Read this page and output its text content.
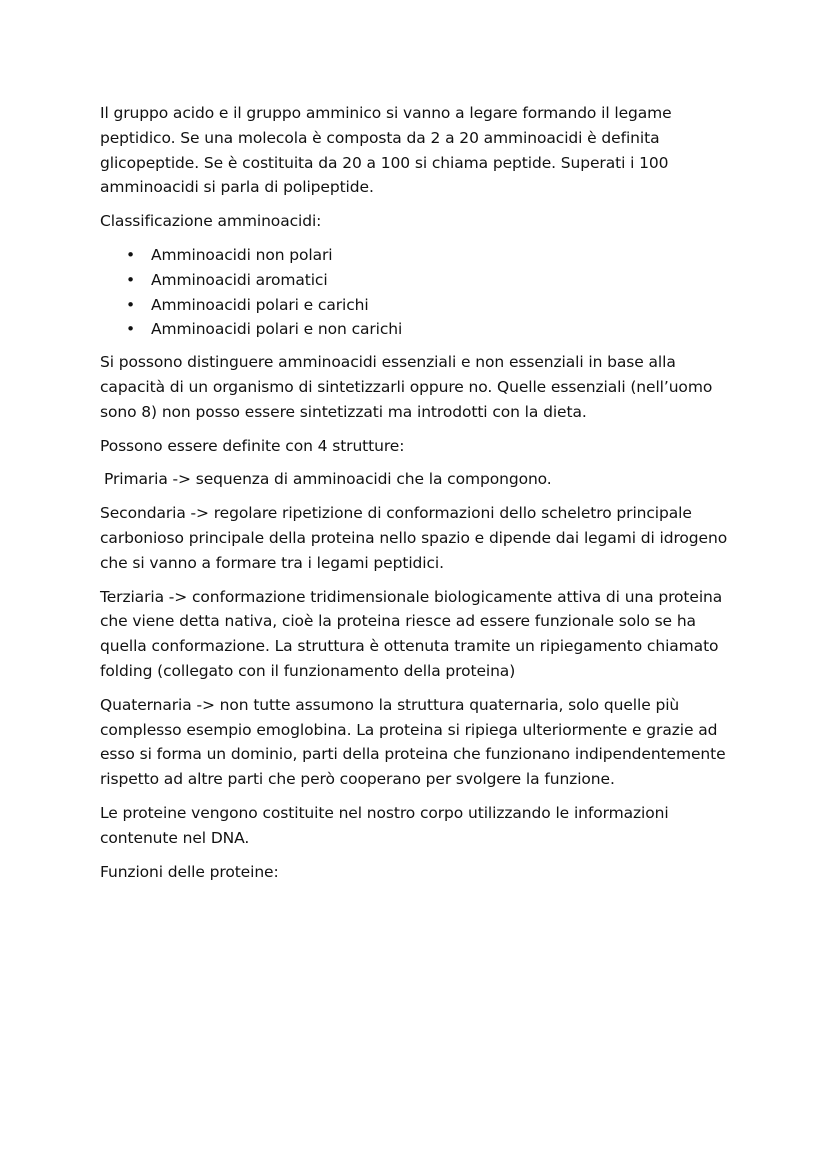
Il gruppo acido e il gruppo amminico si vanno a legare formando il legame peptidico. Se una molecola è composta da 2 a 20 amminoacidi è definita glicopeptide. Se è costituita da 20 a 100 si chiama peptide. Superati i 100 amminoacidi si parla di polipeptide.

Classificazione amminoacidi:

• Amminoacidi non polari
• Amminoacidi aromatici
• Amminoacidi polari e carichi
• Amminoacidi polari e non carichi

Si possono distinguere amminoacidi essenziali e non essenziali in base alla capacità di un organismo di sintetizzarli oppure no. Quelle essenziali (nell’uomo sono 8) non posso essere sintetizzati ma introdotti con la dieta.

Possono essere definite con 4 strutture:

Primaria -> sequenza di amminoacidi che la compongono.

Secondaria -> regolare ripetizione di conformazioni dello scheletro principale carbonioso principale della proteina nello spazio e dipende dai legami di idrogeno che si vanno a formare tra i legami peptidici.

Terziaria -> conformazione tridimensionale biologicamente attiva di una proteina che viene detta nativa, cioè la proteina riesce ad essere funzionale solo se ha quella conformazione. La struttura è ottenuta tramite un ripiegamento chiamato folding (collegato con il funzionamento della proteina)

Quaternaria -> non tutte assumono la struttura quaternaria, solo quelle più complesso esempio emoglobina. La proteina si ripiega ulteriormente e grazie ad esso si forma un dominio, parti della proteina che funzionano indipendentemente rispetto ad altre parti che però cooperano per svolgere la funzione.

Le proteine vengono costituite nel nostro corpo utilizzando le informazioni contenute nel DNA.

Funzioni delle proteine:
